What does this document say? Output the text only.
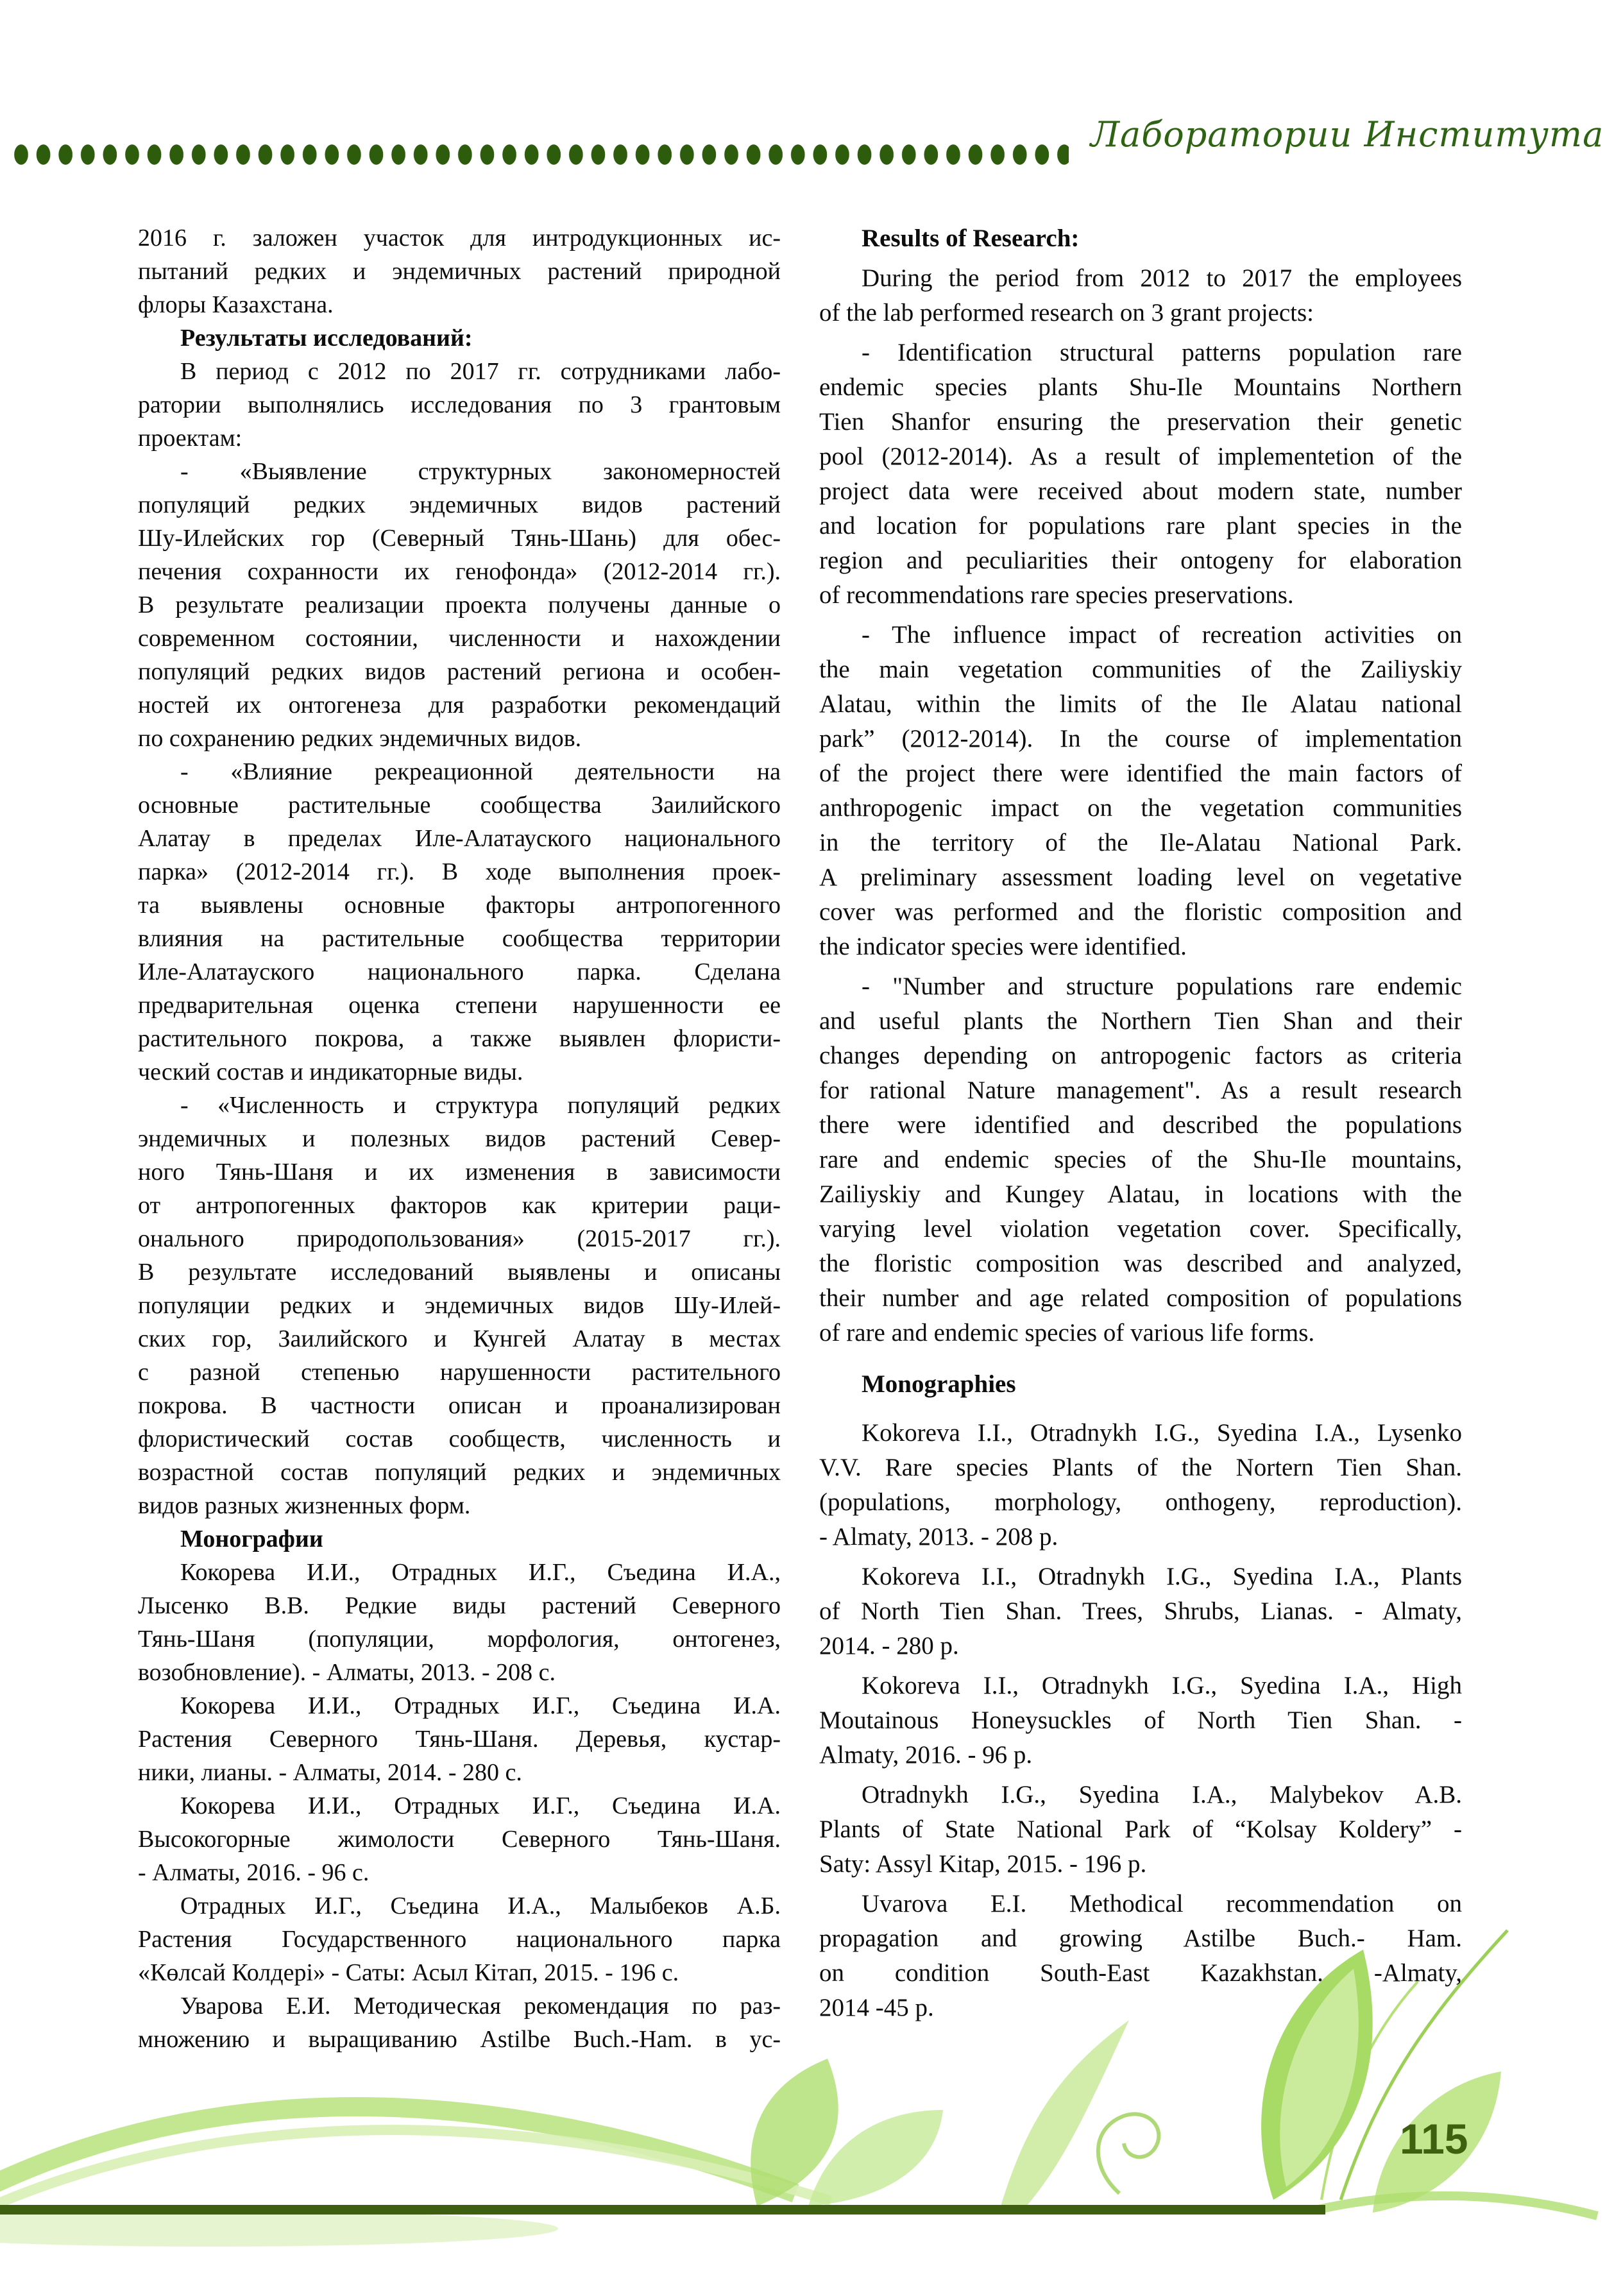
Лаборатории Института
2016 г. заложен участок для интродукционных ис-
пытаний редких и эндемичных растений природной
флоры Казахстана.
Результаты исследований:
В период с 2012 по 2017 гг. сотрудниками лабо-
ратории выполнялись исследования по 3 грантовым
проектам:
- «Выявление структурных закономерностей
популяций редких эндемичных видов растений
Шу-Илейских гор (Северный Тянь-Шань) для обес-
печения сохранности их генофонда» (2012-2014 гг.).
В результате реализации проекта получены данные о
современном состоянии, численности и нахождении
популяций редких видов растений региона и особен-
ностей их онтогенеза для разработки рекомендаций
по сохранению редких эндемичных видов.
- «Влияние рекреационной деятельности на
основные растительные сообщества Заилийского
Алатау в пределах Иле-Алатауского национального
парка» (2012-2014 гг.). В ходе выполнения проек-
та выявлены основные факторы антропогенного
влияния на растительные сообщества территории
Иле-Алатауского национального парка. Сделана
предварительная оценка степени нарушенности ее
растительного покрова, а также выявлен флористи-
ческий состав и индикаторные виды.
- «Численность и структура популяций редких
эндемичных и полезных видов растений Север-
ного Тянь-Шаня и их изменения в зависимости
от антропогенных факторов как критерии раци-
онального природопользования» (2015-2017 гг.).
В результате исследований выявлены и описаны
популяции редких и эндемичных видов Шу-Илей-
ских гор, Заилийского и Кунгей Алатау в местах
с разной степенью нарушенности растительного
покрова. В частности описан и проанализирован
флористический состав сообществ, численность и
возрастной состав популяций редких и эндемичных
видов разных жизненных форм.
Монографии
Кокорева И.И., Отрадных И.Г., Съедина И.А.,
Лысенко В.В. Редкие виды растений Северного
Тянь-Шаня (популяции, морфология, онтогенез,
возобновление). - Алматы, 2013. - 208 с.
Кокорева И.И., Отрадных И.Г., Съедина И.А.
Растения Северного Тянь-Шаня. Деревья, кустар-
ники, лианы. - Алматы, 2014. - 280 с.
Кокорева И.И., Отрадных И.Г., Съедина И.А.
Высокогорные жимолости Северного Тянь-Шаня.
- Алматы, 2016. - 96 с.
Отрадных И.Г., Съедина И.А., Малыбеков А.Б.
Растения Государственного национального парка
«Көлсай Колдері» - Саты: Асыл Кітап, 2015. - 196 с.
Уварова Е.И. Методическая рекомендация по раз-
множению и выращиванию Astilbe Buch.-Ham. в ус-
Results of Research:
During the period from 2012 to 2017 the employees
of the lab performed research on 3 grant projects:
- Identification structural patterns population rare
endemic species plants Shu-Ile Mountains Northern
Tien Shanfor ensuring the preservation their genetic
pool (2012-2014). As a result of implementetion of the
project data were received about modern state, number
and location for populations rare plant species in the
region and peculiarities their ontogeny for elaboration
of recommendations rare species preservations.
- The influence impact of recreation activities on
the main vegetation communities of the Zailiyskiy
Alatau, within the limits of the Ile Alatau national
park” (2012-2014). In the course of implementation
of the project there were identified the main factors of
anthropogenic impact on the vegetation communities
in the territory of the Ile-Alatau National Park.
A preliminary assessment loading level on vegetative
cover was performed and the floristic composition and
the indicator species were identified.
- "Number and structure populations rare endemic
and useful plants the Northern Tien Shan and their
changes depending on antropogenic factors as criteria
for rational Nature management". As a result research
there were identified and described the populations
rare and endemic species of the Shu-Ile mountains,
Zailiyskiy and Kungey Alatau, in locations with the
varying level violation vegetation cover. Specifically,
the floristic composition was described and analyzed,
their number and age related composition of populations
of rare and endemic species of various life forms.
Monographies
Kokoreva I.I., Otradnykh I.G., Syedina I.A., Lysenko
V.V. Rare species Plants of the Nortern Tien Shan.
(populations, morphology, onthogeny, reproduction).
- Almaty, 2013. - 208 p.
Kokoreva I.I., Otradnykh I.G., Syedina I.A., Plants
of North Tien Shan. Trees, Shrubs, Lianas. - Almaty,
2014. - 280 p.
Kokoreva I.I., Otradnykh I.G., Syedina I.A., High
Moutainous Honeysuckles of North Tien Shan. -
Almaty, 2016. - 96 p.
Otradnykh I.G., Syedina I.A., Malybekov A.B.
Plants of State National Park of “Kolsay Koldery” -
Saty: Assyl Kitap, 2015. - 196 p.
Uvarova E.I. Methodical recommendation on
propagation and growing Astilbe Buch.- Ham.
on condition South-East Kazakhstan. -Almaty,
2014 -45 p.
115
